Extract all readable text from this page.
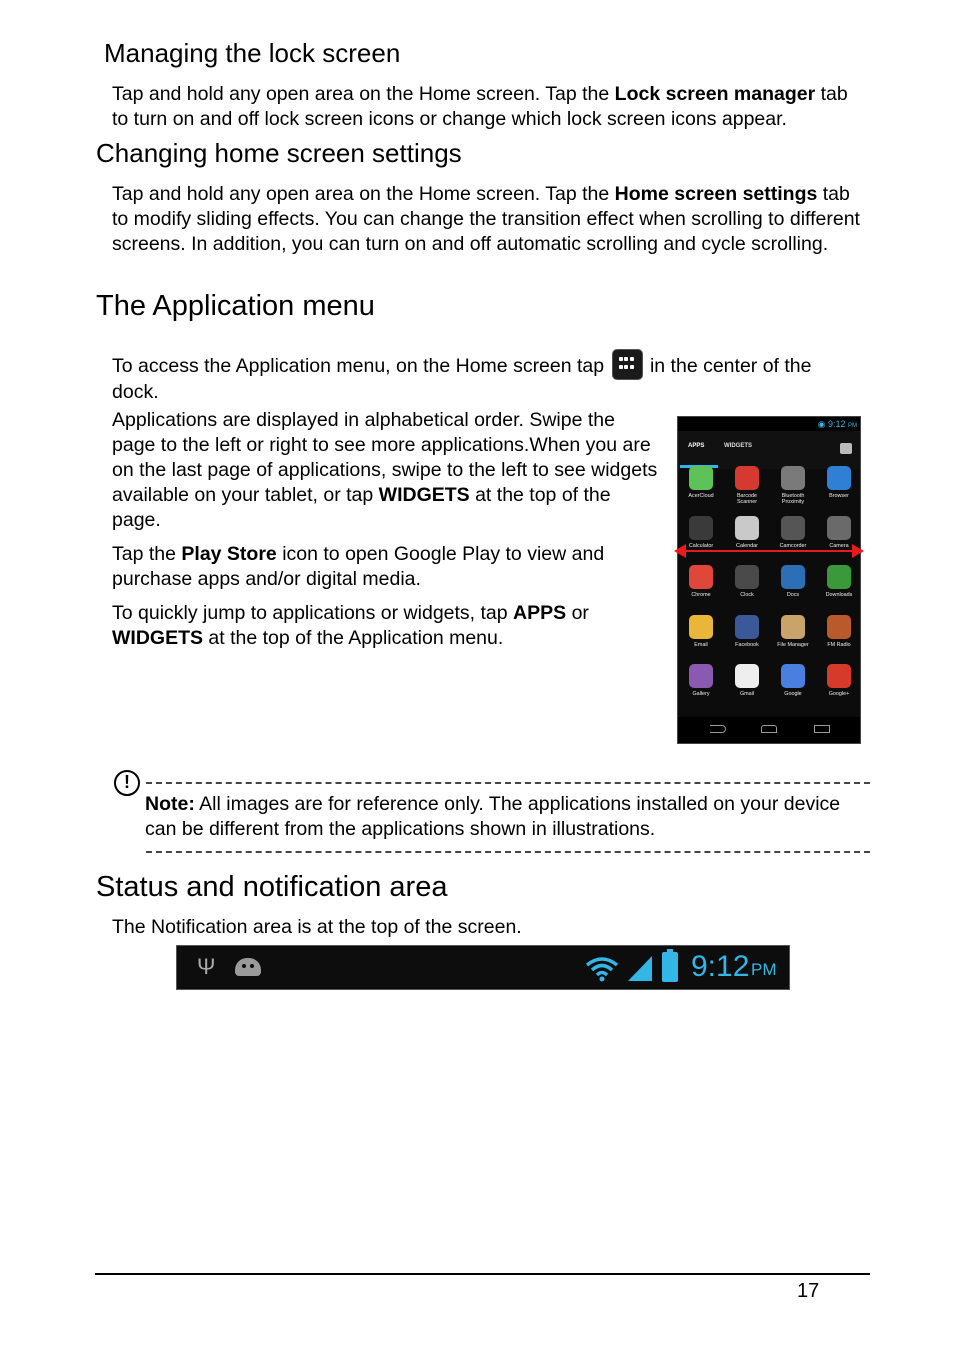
Managing the lock screen

Tap and hold any open area on the Home screen. Tap the Lock screen manager tab to turn on and off lock screen icons or change which lock screen icons appear.

Changing home screen settings

Tap and hold any open area on the Home screen. Tap the Home screen settings tab to modify sliding effects. You can change the transition effect when scrolling to different screens. In addition, you can turn on and off automatic scrolling and cycle scrolling.

The Application menu

To access the Application menu, on the Home screen tap
in the center of the dock.

Applications are displayed in alphabetical order. Swipe the page to the left or right to see more applications.When you are on the last page of applications, swipe to the left to see widgets available on your tablet, or tap WIDGETS at the top of the page.

Tap the Play Store icon to open Google Play to view and purchase apps and/or digital media.

To quickly jump to applications or widgets, tap APPS or WIDGETS at the top of the Application menu.

◉ 9:12 PM
APPS	WIDGETS
AcerCloud	Barcode
Scanner
Bluetooth
Proximity
Browser
Calculator	Calendar	Camcorder	Camera
Chrome	Clock	Docs	Downloads
Email	Facebook	File Manager	FM Radio
Gallery	Gmail	Google	Google+
!

Note: All images are for reference only. The applications installed on your device can be different from the applications shown in illustrations.

Status and notification area

The Notification area is at the top of the screen.

Ψ	9:12 PM
17
